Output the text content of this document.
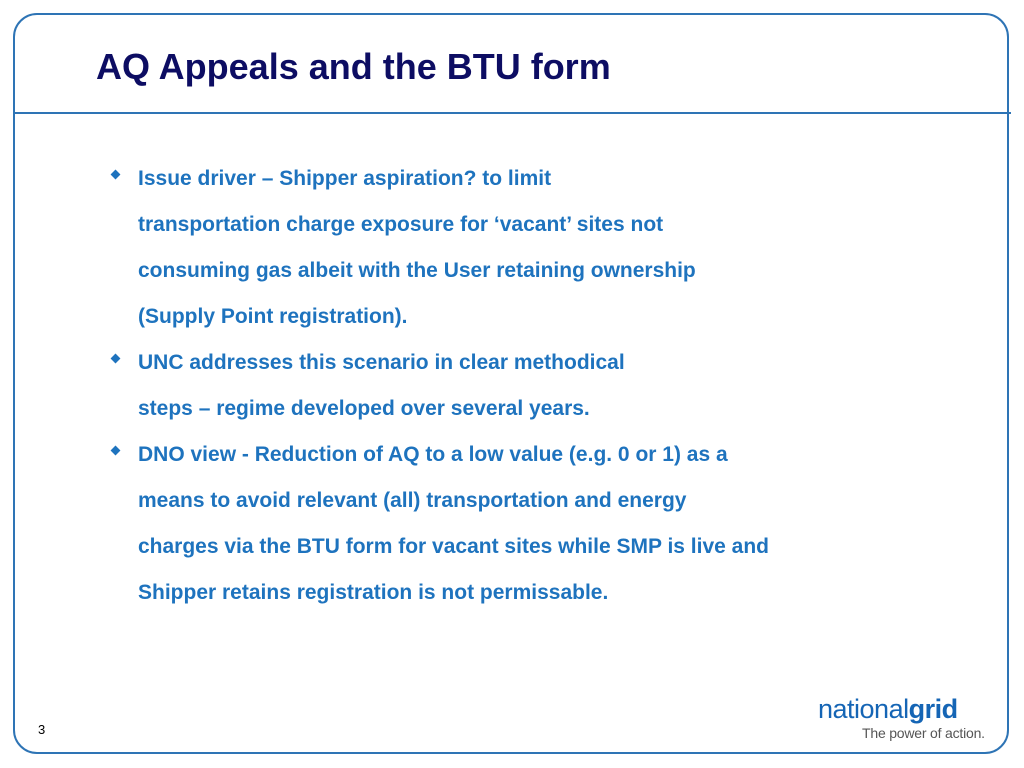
AQ Appeals and the BTU form
Issue driver – Shipper aspiration? to limit
transportation charge exposure for ‘vacant’ sites not
consuming gas albeit with the User retaining ownership
(Supply Point registration).
UNC addresses this scenario in clear methodical
steps – regime developed over several years.
DNO view - Reduction of AQ to a low value (e.g. 0 or 1) as a
means to avoid relevant (all) transportation and energy
charges via the BTU form for vacant sites while SMP is live and
Shipper retains registration is not permissable.
3
nationalgrid
The power of action.
